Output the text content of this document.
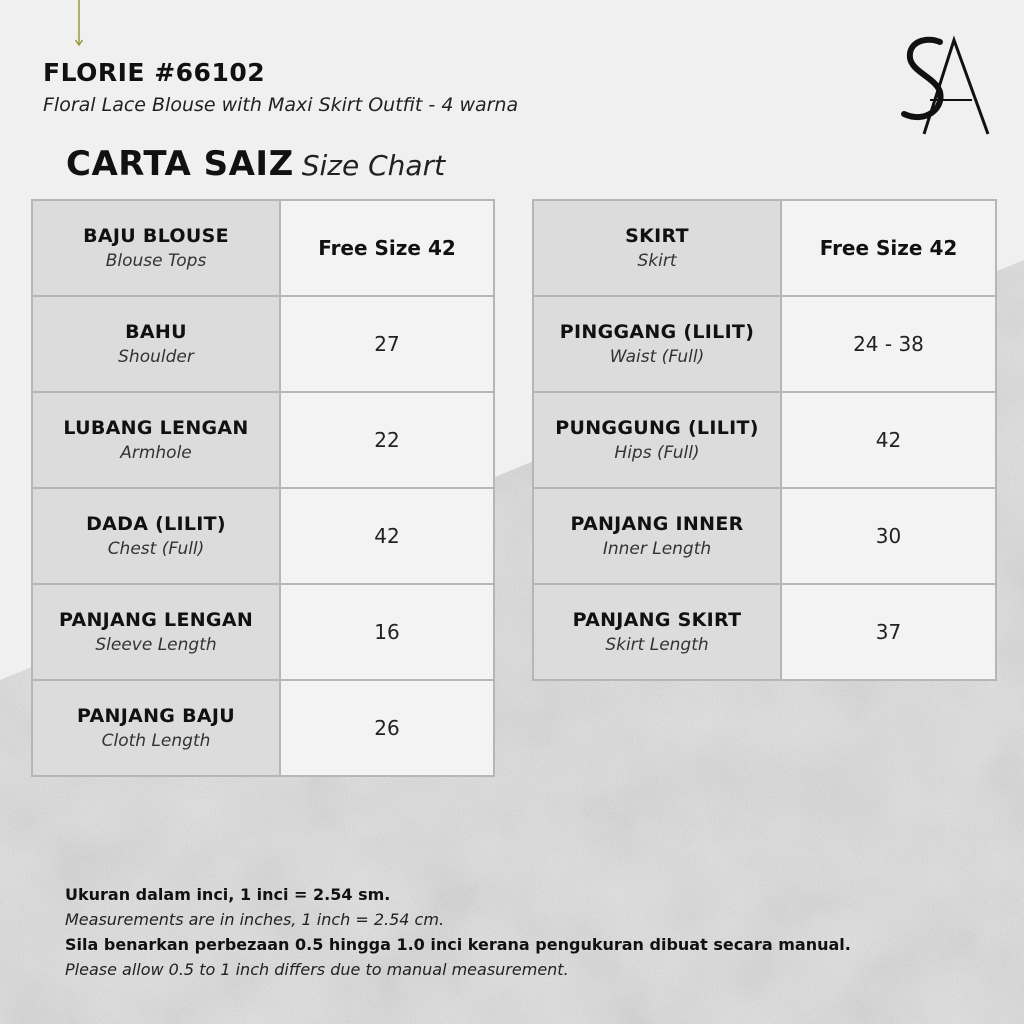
FLORIE #66102
Floral Lace Blouse with Maxi Skirt Outfit - 4 warna
CARTA SAIZ Size Chart
BAJU BLOUSE
Blouse Tops	Free Size 42

BAHU
Shoulder	27

LUBANG LENGAN
Armhole	22

DADA (LILIT)
Chest (Full)	42

PANJANG LENGAN
Sleeve Length	16

PANJANG BAJU
Cloth Length	26
SKIRT
Skirt	Free Size 42

PINGGANG (LILIT)
Waist (Full)	24 - 38

PUNGGUNG (LILIT)
Hips (Full)	42

PANJANG INNER
Inner Length	30

PANJANG SKIRT
Skirt Length	37
Ukuran dalam inci, 1 inci = 2.54 sm.
Measurements are in inches, 1 inch = 2.54 cm.
Sila benarkan perbezaan 0.5 hingga 1.0 inci kerana pengukuran dibuat secara manual.
Please allow 0.5 to 1 inch differs due to manual measurement.
